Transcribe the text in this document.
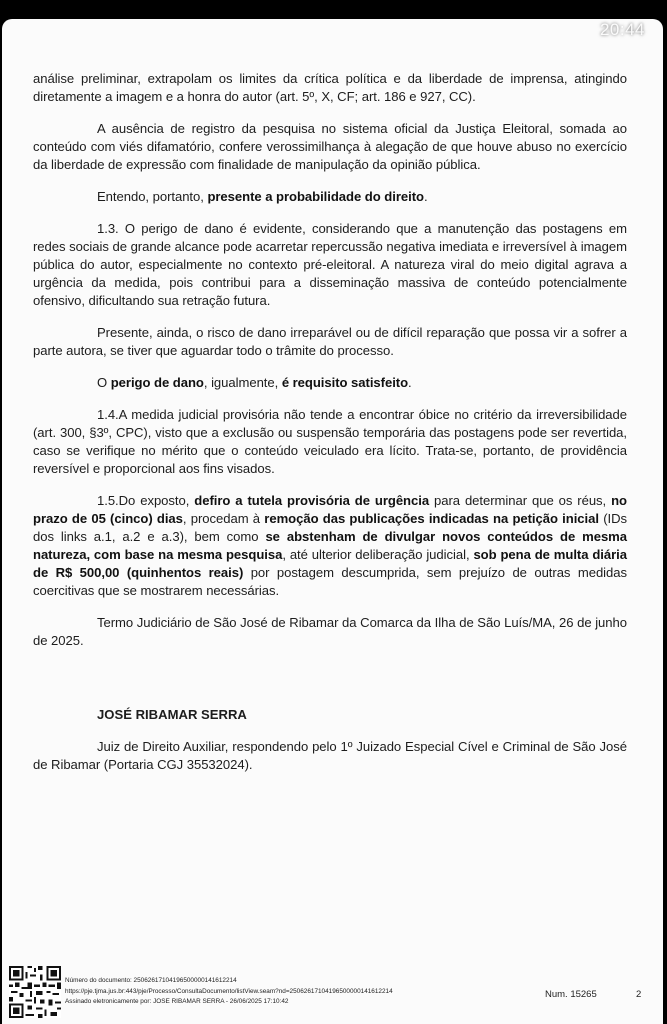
análise preliminar, extrapolam os limites da crítica política e da liberdade de imprensa, atingindo diretamente a imagem e a honra do autor (art. 5º, X, CF; art. 186 e 927, CC).

A ausência de registro da pesquisa no sistema oficial da Justiça Eleitoral, somada ao conteúdo com viés difamatório, confere verossimilhança à alegação de que houve abuso no exercício da liberdade de expressão com finalidade de manipulação da opinião pública.

Entendo, portanto, presente a probabilidade do direito.

1.3. O perigo de dano é evidente, considerando que a manutenção das postagens em redes sociais de grande alcance pode acarretar repercussão negativa imediata e irreversível à imagem pública do autor, especialmente no contexto pré-eleitoral. A natureza viral do meio digital agrava a urgência da medida, pois contribui para a disseminação massiva de conteúdo potencialmente ofensivo, dificultando sua retração futura.

Presente, ainda, o risco de dano irreparável ou de difícil reparação que possa vir a sofrer a parte autora, se tiver que aguardar todo o trâmite do processo.

O perigo de dano, igualmente, é requisito satisfeito.

1.4.A medida judicial provisória não tende a encontrar óbice no critério da irreversibilidade (art. 300, §3º, CPC), visto que a exclusão ou suspensão temporária das postagens pode ser revertida, caso se verifique no mérito que o conteúdo veiculado era lícito. Trata-se, portanto, de providência reversível e proporcional aos fins visados.

1.5.Do exposto, defiro a tutela provisória de urgência para determinar que os réus, no prazo de 05 (cinco) dias, procedam à remoção das publicações indicadas na petição inicial (IDs dos links a.1, a.2 e a.3), bem como se abstenham de divulgar novos conteúdos de mesma natureza, com base na mesma pesquisa, até ulterior deliberação judicial, sob pena de multa diária de R$ 500,00 (quinhentos reais) por postagem descumprida, sem prejuízo de outras medidas coercitivas que se mostrarem necessárias.

Termo Judiciário de São José de Ribamar da Comarca da Ilha de São Luís/MA, 26 de junho de 2025.

JOSÉ RIBAMAR SERRA

Juiz de Direito Auxiliar, respondendo pelo 1º Juizado Especial Cível e Criminal de São José de Ribamar (Portaria CGJ 35532024).

Número do documento: 25062617104196500000141612214
https://pje.tjma.jus.br:443/pje/Processo/ConsultaDocumento/listView.seam?nd=25062617104196500000141612214
Assinado eletronicamente por: JOSE RIBAMAR SERRA - 26/06/2025 17:10:42
Num. 15265	2
20:44
